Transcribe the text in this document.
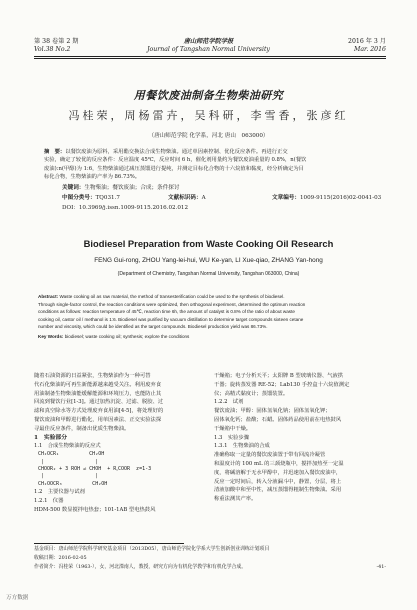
第 38 卷第 2 期
Vol.38 No.2
唐山师范学院学报
Journal of Tangshan Normal University
2016 年 3 月
Mar. 2016
用餐饮废油制备生物柴油研究
冯桂荣，周杨雷卉，吴科研，李雪香，张彦红
（唐山师范学院 化学系，河北 唐山　063000）
摘　要：以餐饮废油为原料，采用酯交换法合成生物柴油。通过单因素控制、优化反应条件。再进行正交
实验，确定了较优的反应条件：反应温度 45℃，反应时间 6 h，催化剂用量约为餐饮废油重量的 0.8%，n(餐饮
废油):n(甲醇)为 1:6，生物柴油通过减压蒸馏进行提纯，并测定目标化合物的十六烷值和黏度，经分析确定为目
标化合物，生物柴油的产率为 86.73%。
关键词：生物柴油；餐饮废油；合成；条件探讨
中图分类号：TQ031.7	文献标识码：A	文章编号：1009-9115(2016)02-0041-03
DOI：10.3969/j.issn.1009-9115.2016.02.012
Biodiesel Preparation from Waste Cooking Oil Research
FENG Gui-rong, ZHOU Yang-lei-hui, WU Ke-yan, LI Xue-qiao, ZHANG Yan-hong
(Department of Chemistry, Tangshan Normal University, Tangshan 063000, China)
Abstract: Waste cooking oil as raw material, the method of transesterification could be used to the synthesis of biodiesel.
Through single-factor control, the reaction conditions were optimized, then orthogonal experiment, determined the optimum reaction
conditions as follows: reaction temperature of 45℃, reaction time 6h, the amount of catalyst is 0.8% of the ratio of about waste
cooking oil, castor oil / methanol is 1:6. Biodiesel was purified by vacuum distillation to determine target compounds sixteen cetane
number and viscosity, which could be identified as the target compounds. Biodiesel production yield was 86.73%.
Key Words: biodiesel; waste cooking oil; synthesis; explore the conditions
随着石油资源的日益紧张，生物柴油作为一种可替
代石化柴油的可再生新能源越来越受关注。利用废弃食
用油制备生物柴油能缓解能源和环境压力，也能防止其
回流到餐饮行业[1-3]。通过加热沉淀、过滤、脱胶、过
滤和真空除水等方式处理废弃食用油[4-5]，将处理好的
餐饮废油和甲醇进行酯化，用单因素法、正交实验法探
寻最佳反应条件，制备出优质生物柴油。
1　实验部分
1.1　合成生物柴油的反应式
CH₂OCR₁          CH₂OH
|                 |
CHOOR₂ + 3 ROH ⇌ CHOH  + R꜀COOR  z=1-3
|                 |
CH₂OOCR₃          CH₂OH
1.2　主要仪器与试剂
1.2.1　仪器
HDM-500 数显搅拌电热套；101-1AB 型电热鼓风
干燥箱；电子分析天平；太阳牌 B 型玻璃仪器、气液拱
干器；旋转蒸发器 RE-52；Lab130 手控盒十六烷值测定
仪；高精式黏度计；蒸馏装置。
1.2.2　试剂
餐饮废油；甲醇：固体氢氧化钠；固体氢氧化钾；
固体氧化钙；盐酸；石蜡。固体药品使用前在电热鼓风
干燥箱中干燥。
1.3　实验步骤
1.3.1　生物柴油的合成
准确称取一定量的餐饮废油置于带有回流冷凝管
和温度计的 100 mL 的三颈烧瓶中，搅拌加热至一定温
度，将碱溶解于无水甲醇中，并迅速加入餐饮废油中，
反应一定时间后，转入分液漏斗中，静置，分层，将上
清液加酸中和至中性，减压蒸馏得粗制生物柴油。采用
称重法测其产率。
基金项目：唐山师范学院科学研究基金项目（2013D05），唐山师范学院化学系大学生创新创业训练计划项目
收稿日期：2016-02-05
作者简介：冯桂荣（1963-），女，河北滦南人，教授，研究方向为有机化学教学和有机化学合成。	-41-
万方数据
